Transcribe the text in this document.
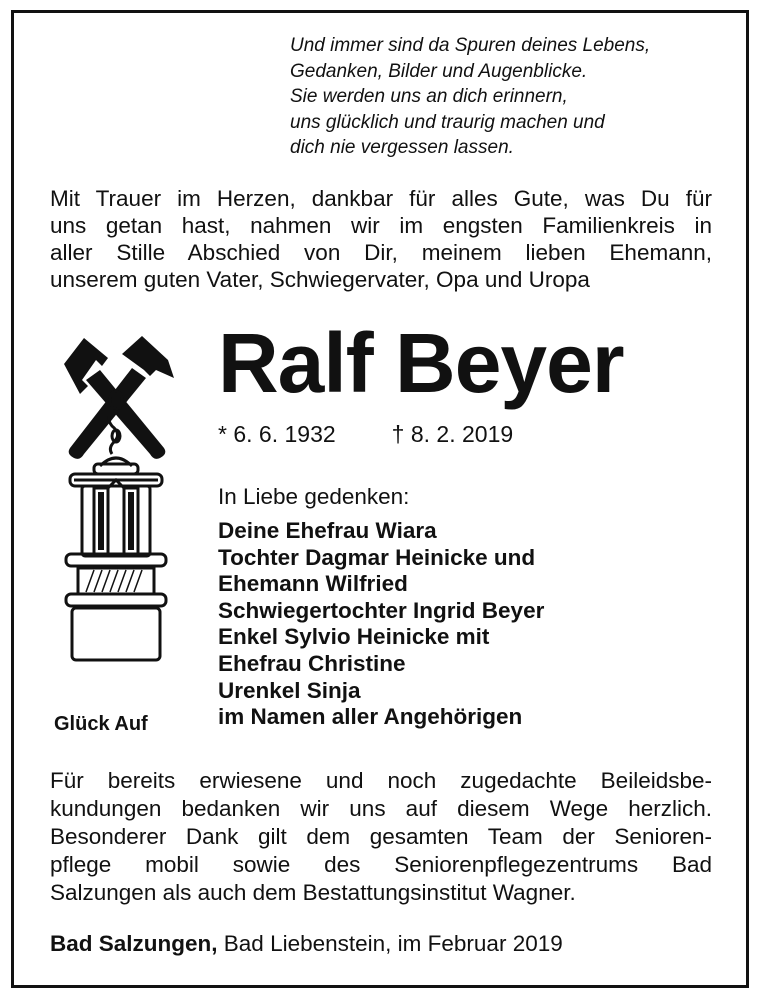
Und immer sind da Spuren deines Lebens,
Gedanken, Bilder und Augenblicke.
Sie werden uns an dich erinnern,
uns glücklich und traurig machen und
dich nie vergessen lassen.
Mit Trauer im Herzen, dankbar für alles Gute, was Du für
uns getan hast, nahmen wir im engsten Familienkreis in
aller Stille Abschied von Dir, meinem lieben Ehemann,
unserem guten Vater, Schwiegervater, Opa und Uropa
Glück Auf
Ralf Beyer
* 6. 6. 1932 † 8. 2. 2019
In Liebe gedenken:
Deine Ehefrau Wiara
Tochter Dagmar Heinicke und
Ehemann Wilfried
Schwiegertochter Ingrid Beyer
Enkel Sylvio Heinicke mit
Ehefrau Christine
Urenkel Sinja
im Namen aller Angehörigen
Für bereits erwiesene und noch zugedachte Beileidsbe-
kundungen bedanken wir uns auf diesem Wege herzlich.
Besonderer Dank gilt dem gesamten Team der Senioren-
pflege mobil sowie des Seniorenpflegezentrums Bad
Salzungen als auch dem Bestattungsinstitut Wagner.
Bad Salzungen, Bad Liebenstein, im Februar 2019
